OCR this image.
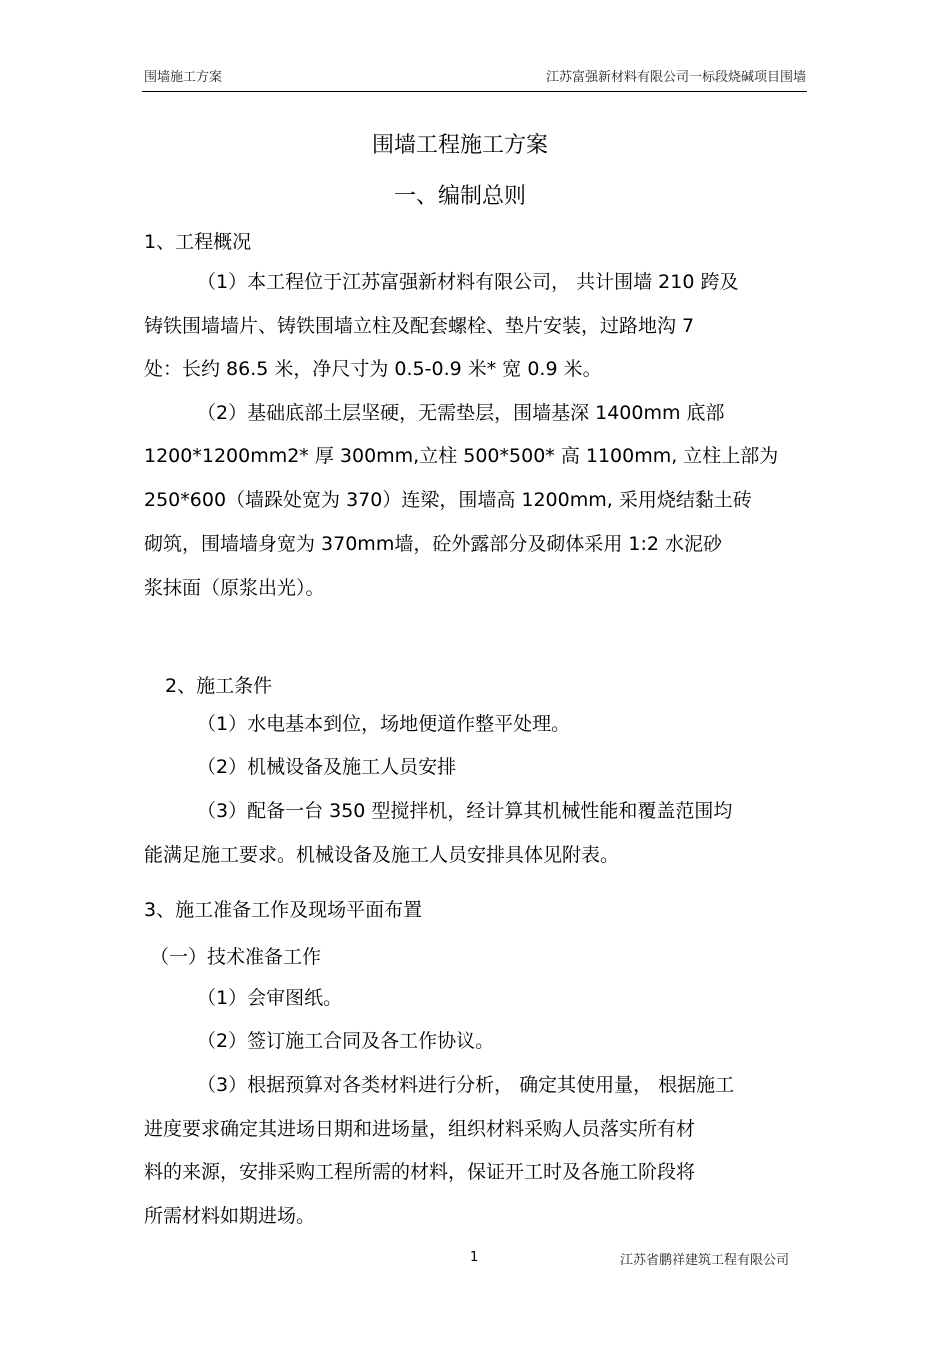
围墙施工方案	江苏富强新材料有限公司一标段烧碱项目围墙
围墙工程施工方案
一、编制总则
1、工程概况
（1）本工程位于江苏富强新材料有限公司， 共计围墙 210 跨及
铸铁围墙墙片、铸铁围墙立柱及配套螺栓、垫片安装，过路地沟 7
处：长约 86.5 米，净尺寸为 0.5-0.9 米* 宽 0.9 米。
（2）基础底部土层坚硬，无需垫层，围墙基深 1400mm 底部
1200*1200mm2* 厚 300mm,立柱 500*500* 高 1100mm, 立柱上部为
250*600（墙跺处宽为 370）连梁，围墙高 1200mm, 采用烧结黏土砖
砌筑，围墙墙身宽为 370mm墙，砼外露部分及砌体采用 1:2 水泥砂
浆抹面（原浆出光）。
2、施工条件
（1）水电基本到位，场地便道作整平处理。
（2）机械设备及施工人员安排
（3）配备一台 350 型搅拌机，经计算其机械性能和覆盖范围均
能满足施工要求。机械设备及施工人员安排具体见附表。
3、施工准备工作及现场平面布置
（一）技术准备工作
（1）会审图纸。
（2）签订施工合同及各工作协议。
（3）根据预算对各类材料进行分析， 确定其使用量， 根据施工
进度要求确定其进场日期和进场量，组织材料采购人员落实所有材
料的来源，安排采购工程所需的材料，保证开工时及各施工阶段将
所需材料如期进场。
1	江苏省鹏祥建筑工程有限公司
